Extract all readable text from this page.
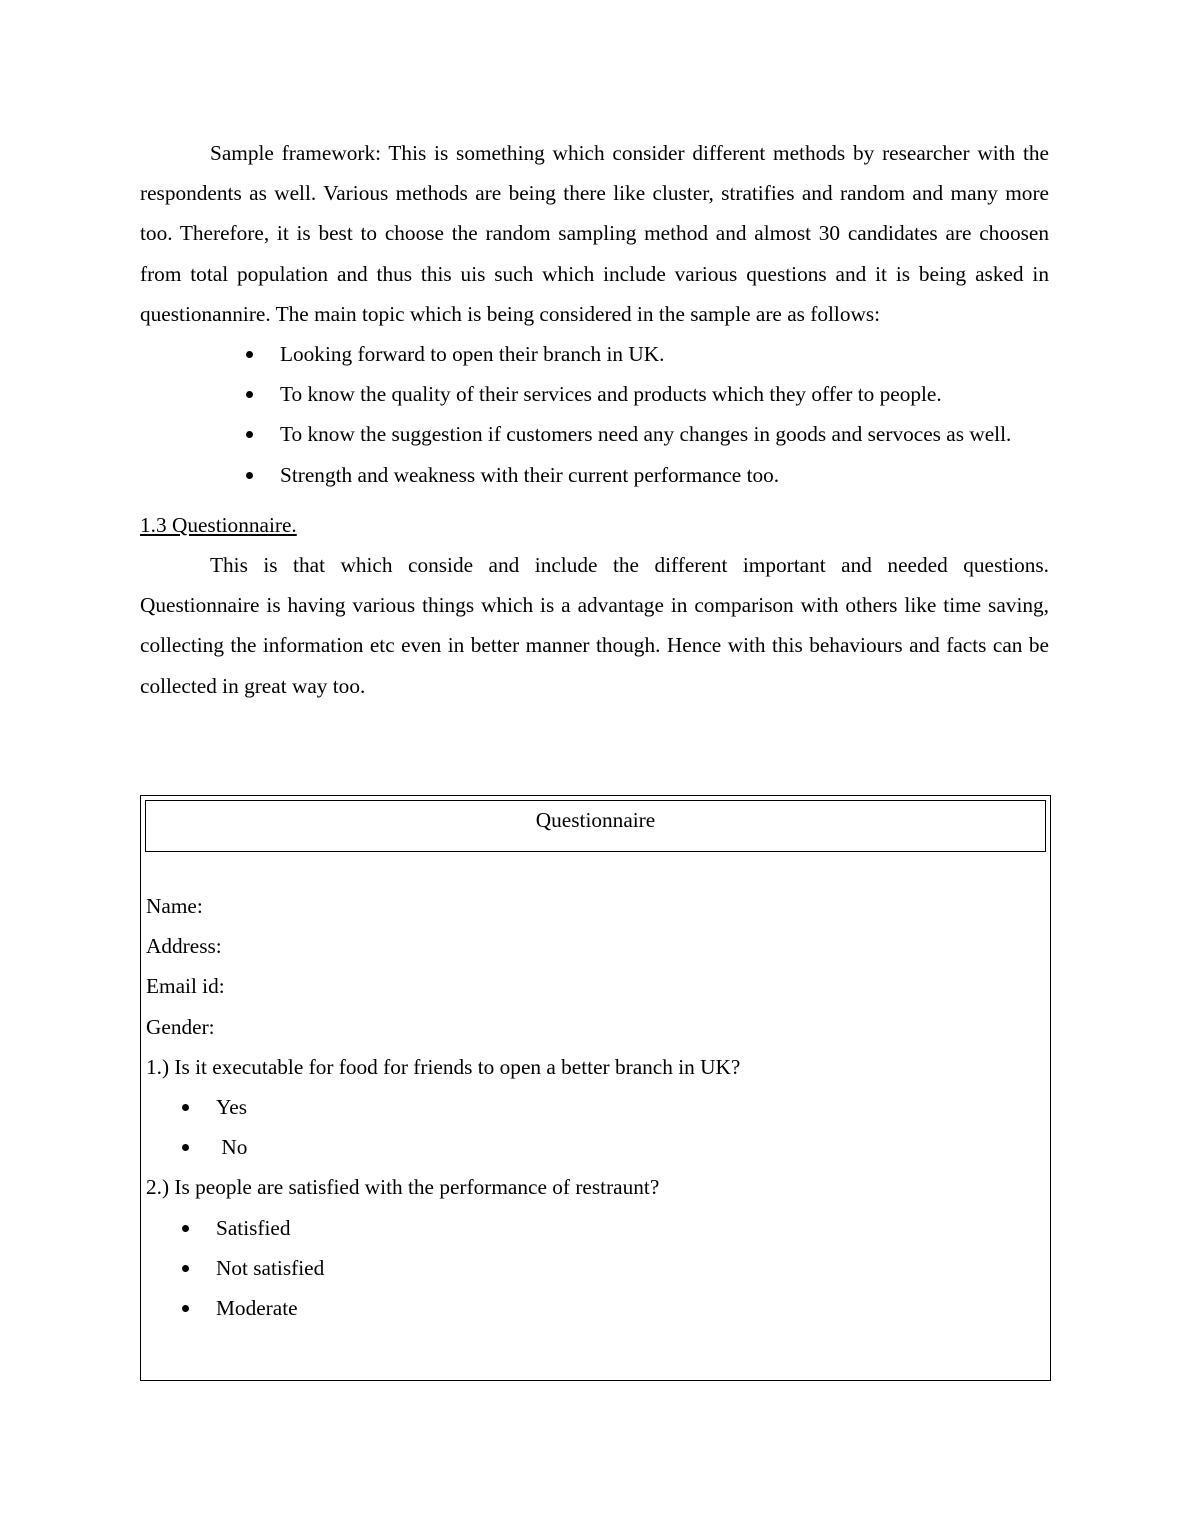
Sample framework: This is something which consider different methods by researcher with the respondents as well. Various methods are being there like cluster, stratifies and random and many more too. Therefore, it is best to choose the random sampling method and almost 30 candidates are choosen from total population and thus this uis such which include various questions and it is being asked in questionannire. The main topic which is being considered in the sample are as follows:

Looking forward to open their branch in UK.
To know the quality of their services and products which they offer to people.
To know the suggestion if customers need any changes in goods and servoces as well.
Strength and weakness with their current performance too.

1.3 Questionnaire.

This is that which conside and include the different important and needed questions. Questionnaire is having various things which is a advantage in comparison with others like time saving, collecting the information etc even in better manner though. Hence with this behaviours and facts can be collected in great way too.

Questionnaire
Name:
Address:
Email id:
Gender:
1.) Is it executable for food for friends to open a better branch in UK?
Yes
No
2.) Is people are satisfied with the performance of restraunt?
Satisfied
Not satisfied
Moderate
